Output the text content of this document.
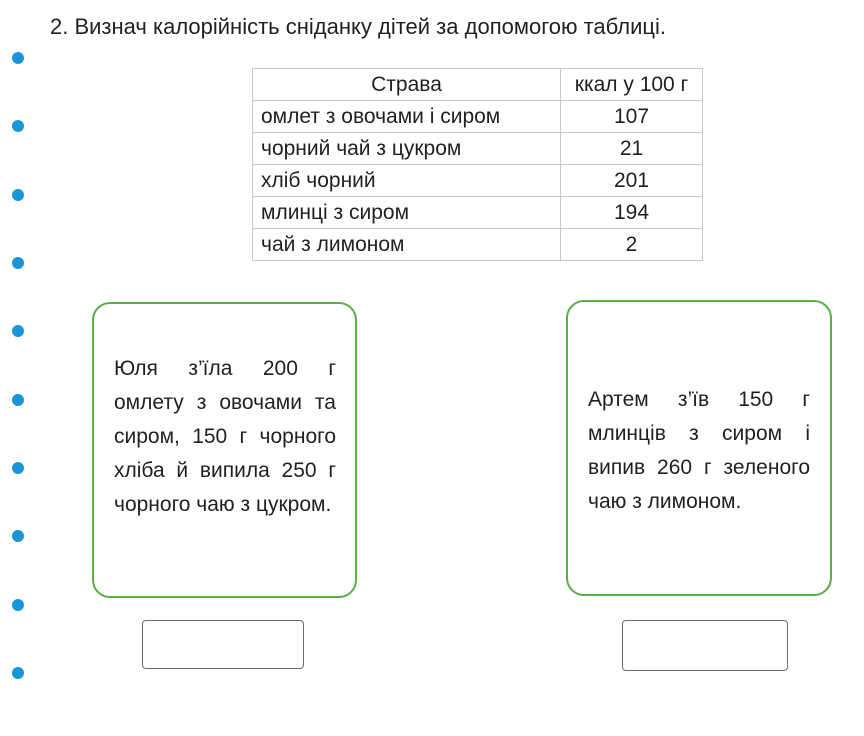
2. Визнач калорійність сніданку дітей за допомогою таблиці.
Страва	ккал у 100 г
омлет з овочами і сиром	107
чорний чай з цукром	21
хліб чорний	201
млинці з сиром	194
чай з лимоном	2
Юля з’їла 200 г омлету з овочами та сиром, 150 г чорного хліба й випила 250 г чорного чаю з цукром.
Артем з’їв 150 г млинців з сиром і випив 260 г зеленого чаю з лимоном.
